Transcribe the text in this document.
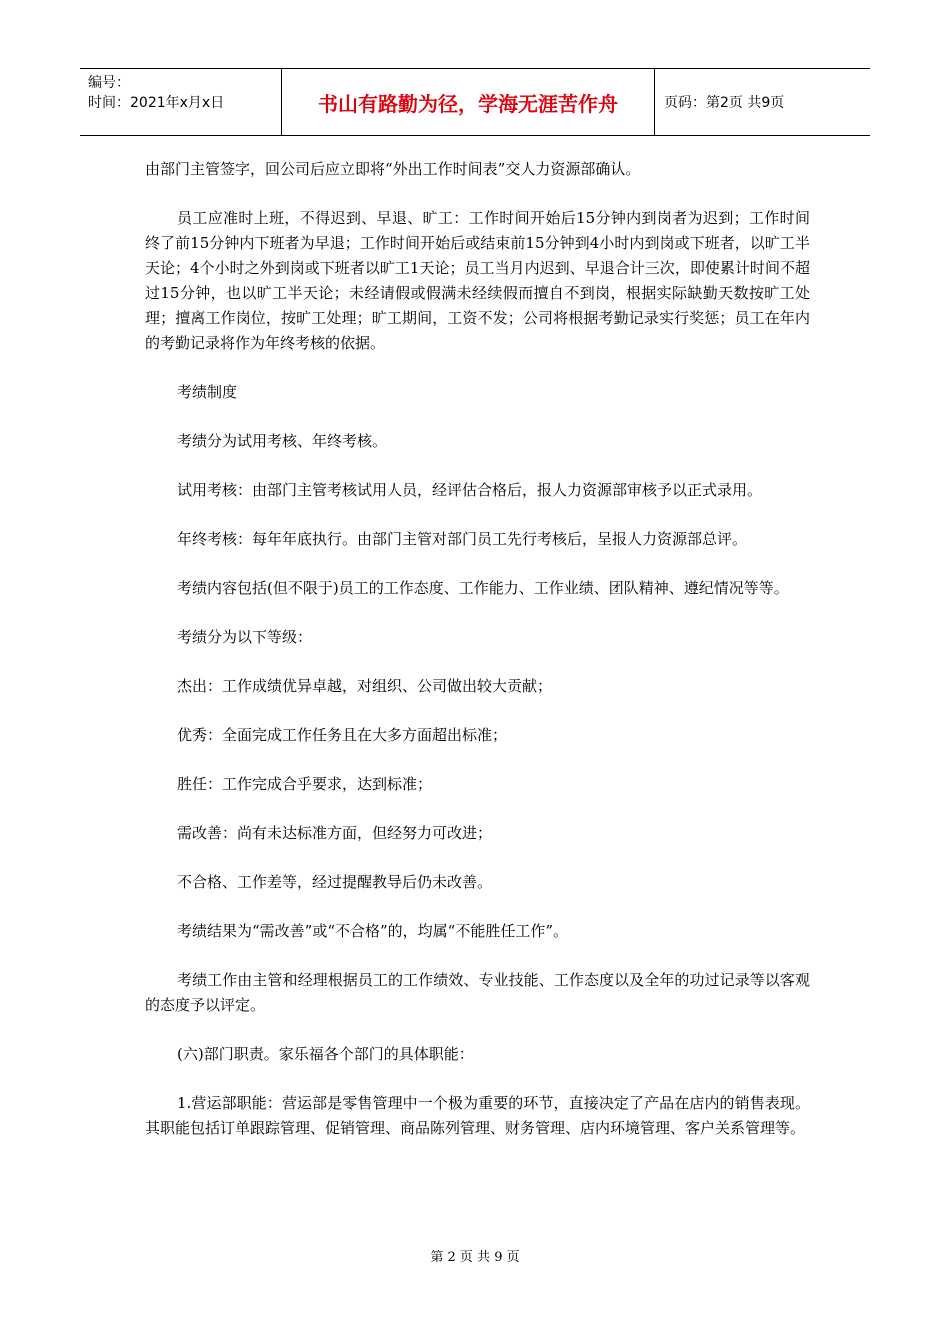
编号：
时间：2021年x月x日	书山有路勤为径，学海无涯苦作舟	页码：第2页 共9页

由部门主管签字，回公司后应立即将“外出工作时间表”交人力资源部确认。

员工应准时上班，不得迟到、早退、旷工：工作时间开始后15分钟内到岗者为迟到；工作时间终了前15分钟内下班者为早退；工作时间开始后或结束前15分钟到4小时内到岗或下班者，以旷工半天论；4个小时之外到岗或下班者以旷工1天论；员工当月内迟到、早退合计三次，即使累计时间不超过15分钟，也以旷工半天论；未经请假或假满未经续假而擅自不到岗，根据实际缺勤天数按旷工处理；擅离工作岗位，按旷工处理；旷工期间，工资不发；公司将根据考勤记录实行奖惩；员工在年内的考勤记录将作为年终考核的依据。

考绩制度

考绩分为试用考核、年终考核。

试用考核：由部门主管考核试用人员，经评估合格后，报人力资源部审核予以正式录用。

年终考核：每年年底执行。由部门主管对部门员工先行考核后，呈报人力资源部总评。

考绩内容包括(但不限于)员工的工作态度、工作能力、工作业绩、团队精神、遵纪情况等等。

考绩分为以下等级：

杰出：工作成绩优异卓越，对组织、公司做出较大贡献；

优秀：全面完成工作任务且在大多方面超出标准；

胜任：工作完成合乎要求，达到标准；

需改善：尚有未达标准方面，但经努力可改进；

不合格、工作差等，经过提醒教导后仍未改善。

考绩结果为“需改善”或“不合格”的，均属“不能胜任工作”。

考绩工作由主管和经理根据员工的工作绩效、专业技能、工作态度以及全年的功过记录等以客观的态度予以评定。

(六)部门职责。家乐福各个部门的具体职能：

1.营运部职能：营运部是零售管理中一个极为重要的环节，直接决定了产品在店内的销售表现。其职能包括订单跟踪管理、促销管理、商品陈列管理、财务管理、店内环境管理、客户关系管理等。

第 2 页 共 9 页
